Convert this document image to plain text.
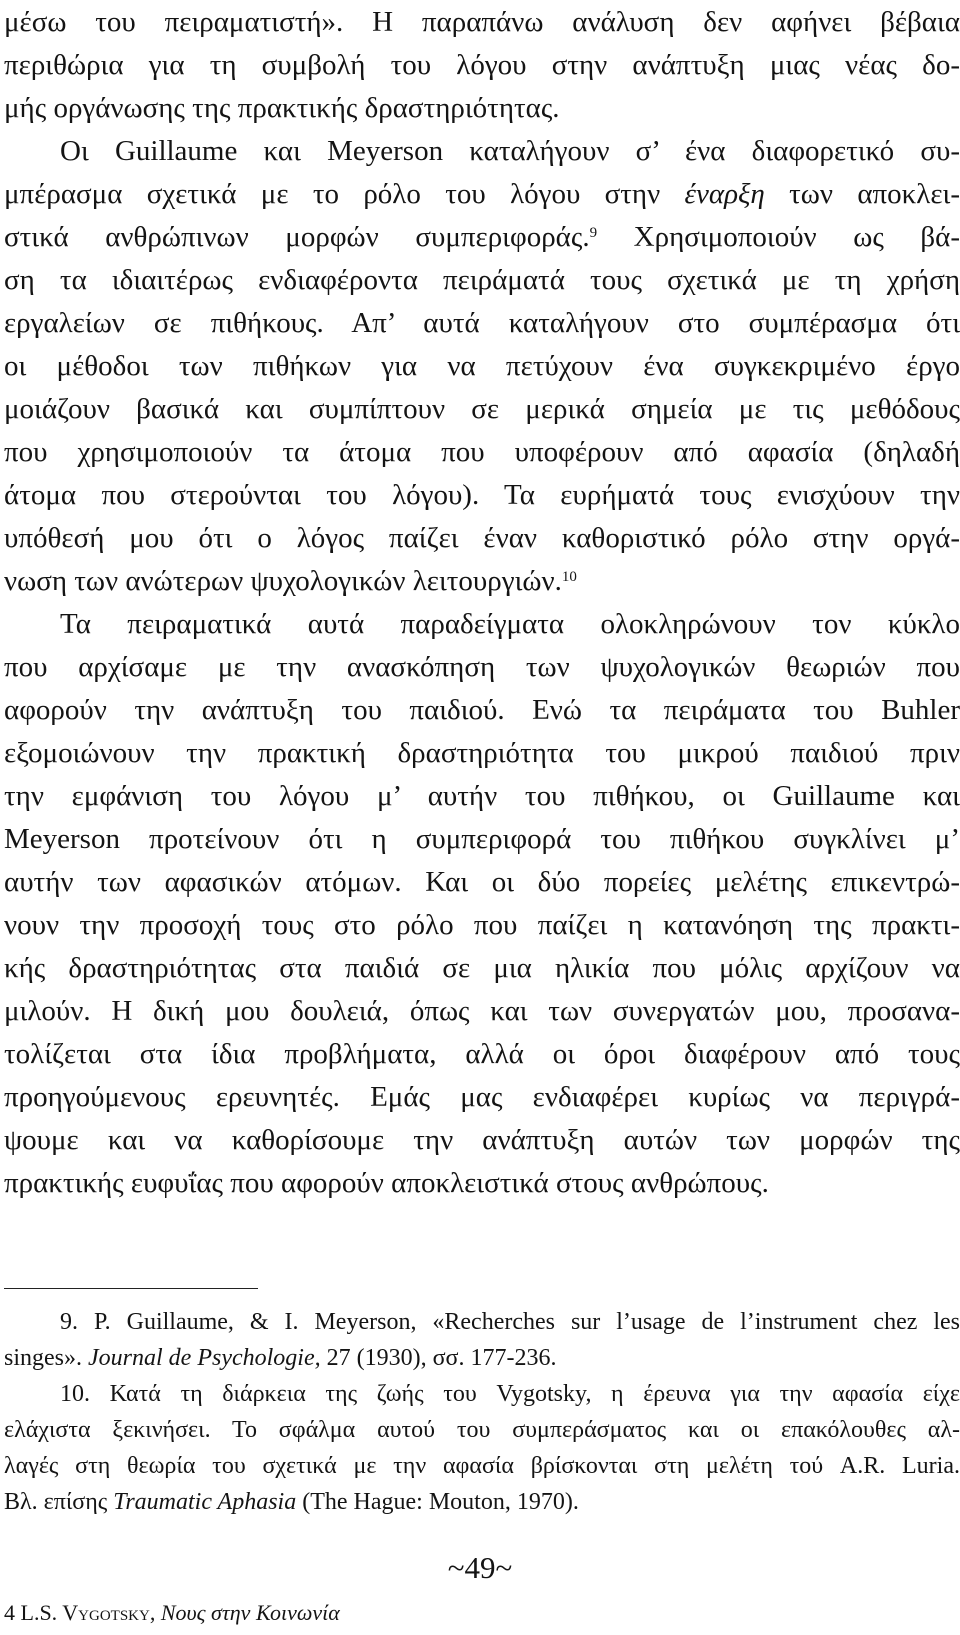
μέσω του πειραματιστή». Η παραπάνω ανάλυση δεν αφήνει βέβαια

περιθώρια για τη συμβολή του λόγου στην ανάπτυξη μιας νέας δο-

μής οργάνωσης της πρακτικής δραστηριότητας.

Οι Guillaume και Meyerson καταλήγουν σ’ ένα διαφορετικό συ-

μπέρασμα σχετικά με το ρόλο του λόγου στην έναρξη των αποκλει-

στικά ανθρώπινων μορφών συμπεριφοράς.$^9$ Χρησιμοποιούν ως βά-

ση τα ιδιαιτέρως ενδιαφέροντα πειράματά τους σχετικά με τη χρήση

εργαλείων σε πιθήκους. Απ’ αυτά καταλήγουν στο συμπέρασμα ότι

οι μέθοδοι των πιθήκων για να πετύχουν ένα συγκεκριμένο έργο

μοιάζουν βασικά και συμπίπτουν σε μερικά σημεία με τις μεθόδους

που χρησιμοποιούν τα άτομα που υποφέρουν από αφασία (δηλαδή

άτομα που στερούνται του λόγου). Τα ευρήματά τους ενισχύουν την

υπόθεσή μου ότι ο λόγος παίζει έναν καθοριστικό ρόλο στην οργά-

νωση των ανώτερων ψυχολογικών λειτουργιών.$^{10}$

Τα πειραματικά αυτά παραδείγματα ολοκληρώνουν τον κύκλο

που αρχίσαμε με την ανασκόπηση των ψυχολογικών θεωριών που

αφορούν την ανάπτυξη του παιδιού. Ενώ τα πειράματα του Buhler

εξομοιώνουν την πρακτική δραστηριότητα του μικρού παιδιού πριν

την εμφάνιση του λόγου μ’ αυτήν του πιθήκου, οι Guillaume και

Meyerson προτείνουν ότι η συμπεριφορά του πιθήκου συγκλίνει μ’

αυτήν των αφασικών ατόμων. Και οι δύο πορείες μελέτης επικεντρώ-

νουν την προσοχή τους στο ρόλο που παίζει η κατανόηση της πρακτι-

κής δραστηριότητας στα παιδιά σε μια ηλικία που μόλις αρχίζουν να

μιλούν. Η δική μου δουλειά, όπως και των συνεργατών μου, προσανα-

τολίζεται στα ίδια προβλήματα, αλλά οι όροι διαφέρουν από τους

προηγούμενους ερευνητές. Εμάς μας ενδιαφέρει κυρίως να περιγρά-

ψουμε και να καθορίσουμε την ανάπτυξη αυτών των μορφών της

πρακτικής ευφυΐας που αφορούν αποκλειστικά στους ανθρώπους.

9. P. Guillaume, & I. Meyerson, «Recherches sur l’usage de l’instrument chez les

singes». Journal de Psychologie, 27 (1930), σσ. 177-236.

10. Κατά τη διάρκεια της ζωής του Vygotsky, η έρευνα για την αφασία είχε

ελάχιστα ξεκινήσει. Το σφάλμα αυτού του συμπεράσματος και οι επακόλουθες αλ-

λαγές στη θεωρία του σχετικά με την αφασία βρίσκονται στη μελέτη τού A.R. Luria.

Βλ. επίσης Traumatic Aphasia (The Hague: Mouton, 1970).

~49~
4 L.S. Vygotsky, Νους στην Κοινωνία
